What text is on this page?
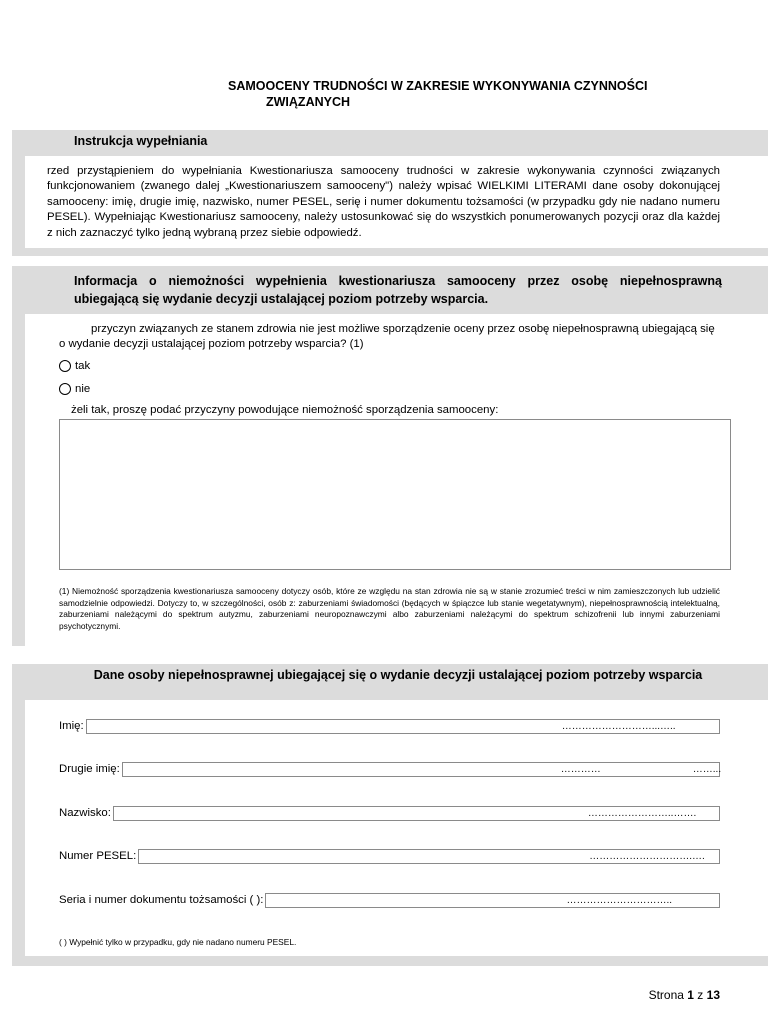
SAMOOCENY TRUDNOŚCI W ZAKRESIE WYKONYWANIA CZYNNOŚCI
ZWIĄZANYCH
Instrukcja wypełniania
rzed przystąpieniem do wypełniania Kwestionariusza samooceny trudności w zakresie wykonywania czynności związanych funkcjonowaniem (zwanego dalej „Kwestionariuszem samooceny") należy wpisać WIELKIMI LITERAMI dane osoby dokonującej samooceny: imię, drugie imię, nazwisko, numer PESEL, serię i numer dokumentu tożsamości (w przypadku gdy nie nadano numeru PESEL). Wypełniając Kwestionariusz samooceny, należy ustosunkować się do wszystkich ponumerowanych pozycji oraz dla każdej z nich zaznaczyć tylko jedną wybraną przez siebie odpowiedź.
Informacja o niemożności wypełnienia kwestionariusza samooceny przez osobę niepełnosprawną ubiegającą się wydanie decyzji ustalającej poziom potrzeby wsparcia.
przyczyn związanych ze stanem zdrowia nie jest możliwe sporządzenie oceny przez osobę niepełnosprawną ubiegającą się
o wydanie decyzji ustalającej poziom potrzeby wsparcia? (1)
tak
nie
żeli tak, proszę podać przyczyny powodujące niemożność sporządzenia samooceny:
(1) Niemożność sporządzenia kwestionariusza samooceny dotyczy osób, które ze względu na stan zdrowia nie są w stanie zrozumieć treści w nim zamieszczonych lub udzielić samodzielnie odpowiedzi. Dotyczy to, w szczególności, osób z: zaburzeniami świadomości (będących w śpiączce lub stanie wegetatywnym), niepełnosprawnością intelektualną, zaburzeniami należącymi do spektrum autyzmu, zaburzeniami neuropoznawczymi albo zaburzeniami należącymi do spektrum schizofrenii lub innymi zaburzeniami psychotycznymi.
Dane osoby niepełnosprawnej ubiegającej się o wydanie decyzji ustalającej poziom potrzeby wsparcia
Imię:	………………………...…..
Drugie imię:	…………	……...
Nazwisko:	……………………..…….
Numer PESEL:	………………………….….
Seria i numer dokumentu tożsamości ( ):	…………………………..
( ) Wypełnić tylko w przypadku, gdy nie nadano numeru PESEL.
Strona 1 z 13
